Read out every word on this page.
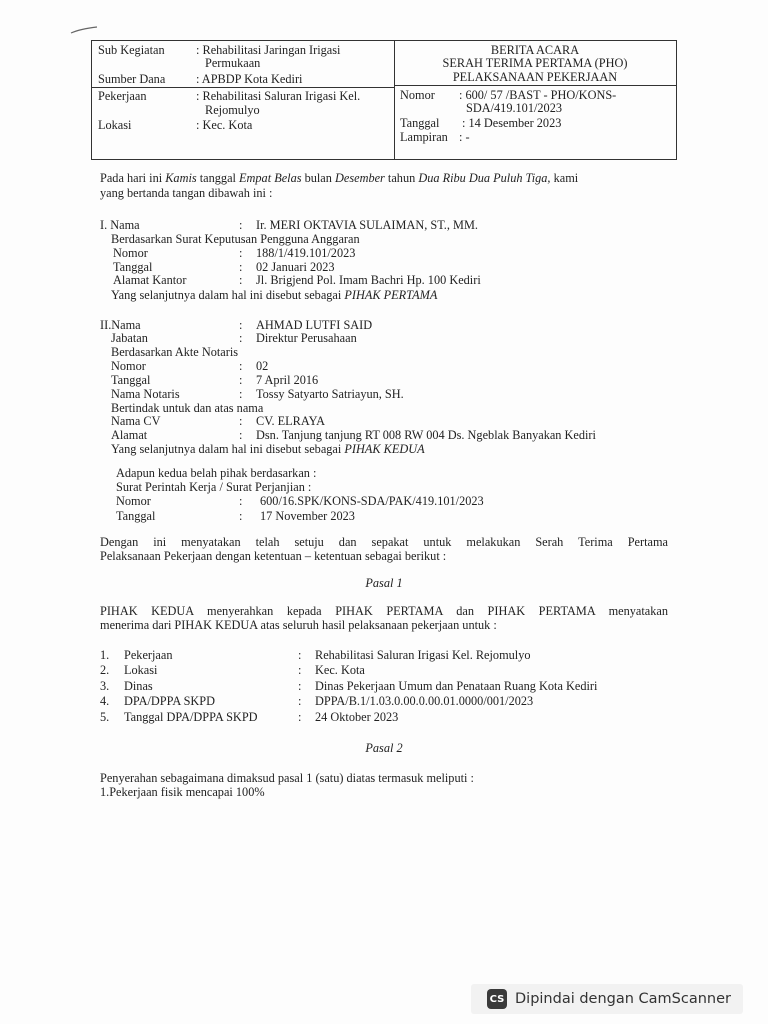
Sub Kegiatan	: Rehabilitasi Jaringan Irigasi
Permukaan
Sumber Dana : APBDP Kota Kediri
Pekerjaan	: Rehabilitasi Saluran Irigasi Kel.
Rejomulyo
Lokasi	: Kec. Kota
BERITA ACARA
SERAH TERIMA PERTAMA (PHO)
PELAKSANAAN PEKERJAAN
Nomor : 600/ 57 /BAST - PHO/KONS-
SDA/419.101/2023
Tanggal : 14 Desember 2023
Lampiran : -
Pada hari ini Kamis tanggal Empat Belas bulan Desember tahun Dua Ribu Dua Puluh Tiga, kami
yang bertanda tangan dibawah ini :
I. Nama	: Ir. MERI OKTAVIA SULAIMAN, ST., MM.
Berdasarkan Surat Keputusan Pengguna Anggaran
Nomor	: 188/1/419.101/2023
Tanggal	: 02 Januari 2023
Alamat Kantor	: Jl. Brigjend Pol. Imam Bachri Hp. 100 Kediri
Yang selanjutnya dalam hal ini disebut sebagai PIHAK PERTAMA
II.Nama	: AHMAD LUTFI SAID
Jabatan	: Direktur Perusahaan
Berdasarkan Akte Notaris
Nomor	: 02
Tanggal	: 7 April 2016
Nama Notaris	: Tossy Satyarto Satriayun, SH.
Bertindak untuk dan atas nama
Nama CV	: CV. ELRAYA
Alamat	: Dsn. Tanjung tanjung RT 008 RW 004 Ds. Ngeblak Banyakan Kediri
Yang selanjutnya dalam hal ini disebut sebagai PIHAK KEDUA
Adapun kedua belah pihak berdasarkan :
Surat Perintah Kerja / Surat Perjanjian :
Nomor	: 600/16.SPK/KONS-SDA/PAK/419.101/2023
Tanggal	: 17 November 2023
Dengan ini menyatakan telah setuju dan sepakat untuk melakukan Serah Terima Pertama
Pelaksanaan Pekerjaan dengan ketentuan – ketentuan sebagai berikut :
Pasal 1
PIHAK KEDUA menyerahkan kepada PIHAK PERTAMA dan PIHAK PERTAMA menyatakan
menerima dari PIHAK KEDUA atas seluruh hasil pelaksanaan pekerjaan untuk :
1. Pekerjaan	: Rehabilitasi Saluran Irigasi Kel. Rejomulyo
2. Lokasi	: Kec. Kota
3. Dinas	: Dinas Pekerjaan Umum dan Penataan Ruang Kota Kediri
4. DPA/DPPA SKPD	: DPPA/B.1/1.03.0.00.0.00.01.0000/001/2023
5. Tanggal DPA/DPPA SKPD	: 24 Oktober 2023
Pasal 2
Penyerahan sebagaimana dimaksud pasal 1 (satu) diatas termasuk meliputi :
1.Pekerjaan fisik mencapai 100%
CS Dipindai dengan CamScanner
